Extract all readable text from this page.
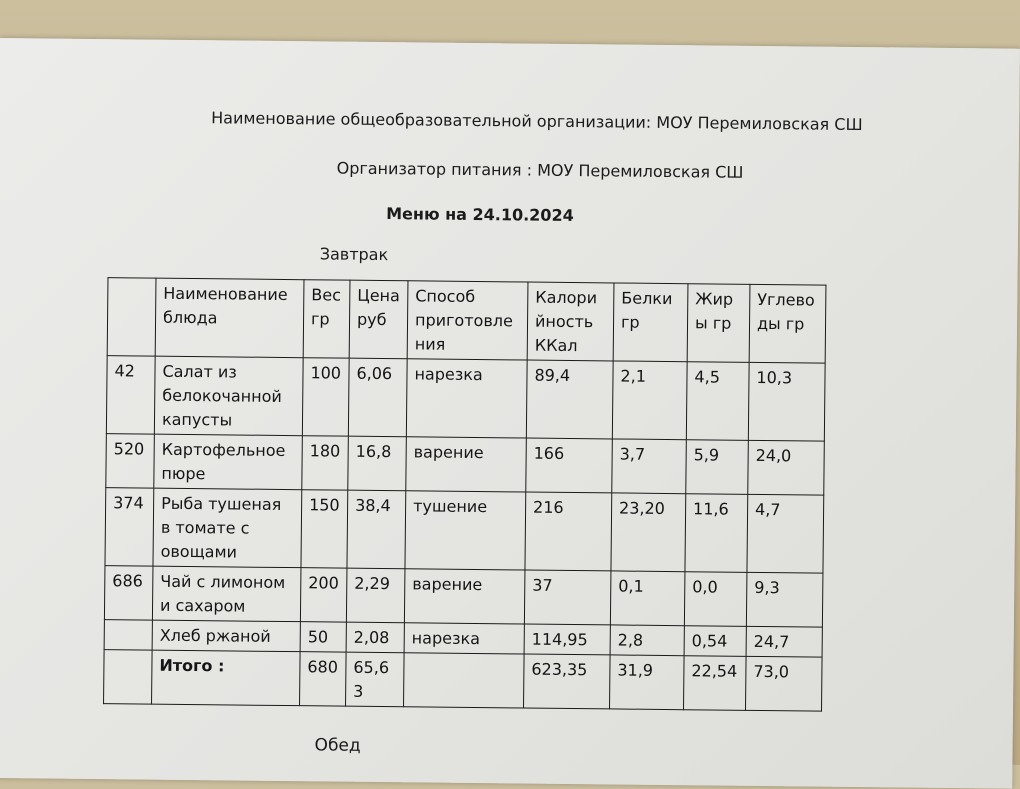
Наименование общеобразовательной организации: МОУ Перемиловская СШ
Организатор питания : МОУ Перемиловская СШ
Меню на 24.10.2024
Завтрак
	Наименование блюда	Вес гр	Цена руб	Способ приготовления	Калорийность ККал	Белки гр	Жиры гр	Углеводы гр
42	Салат из белокочанной капусты	100	6,06	нарезка	89,4	2,1	4,5	10,3
520	Картофельное пюре	180	16,8	варение	166	3,7	5,9	24,0
374	Рыба тушеная в томате с овощами	150	38,4	тушение	216	23,20	11,6	4,7
686	Чай с лимоном и сахаром	200	2,29	варение	37	0,1	0,0	9,3
	Хлеб ржаной	50	2,08	нарезка	114,95	2,8	0,54	24,7
	Итого :	680	65,63		623,35	31,9	22,54	73,0
Обед
